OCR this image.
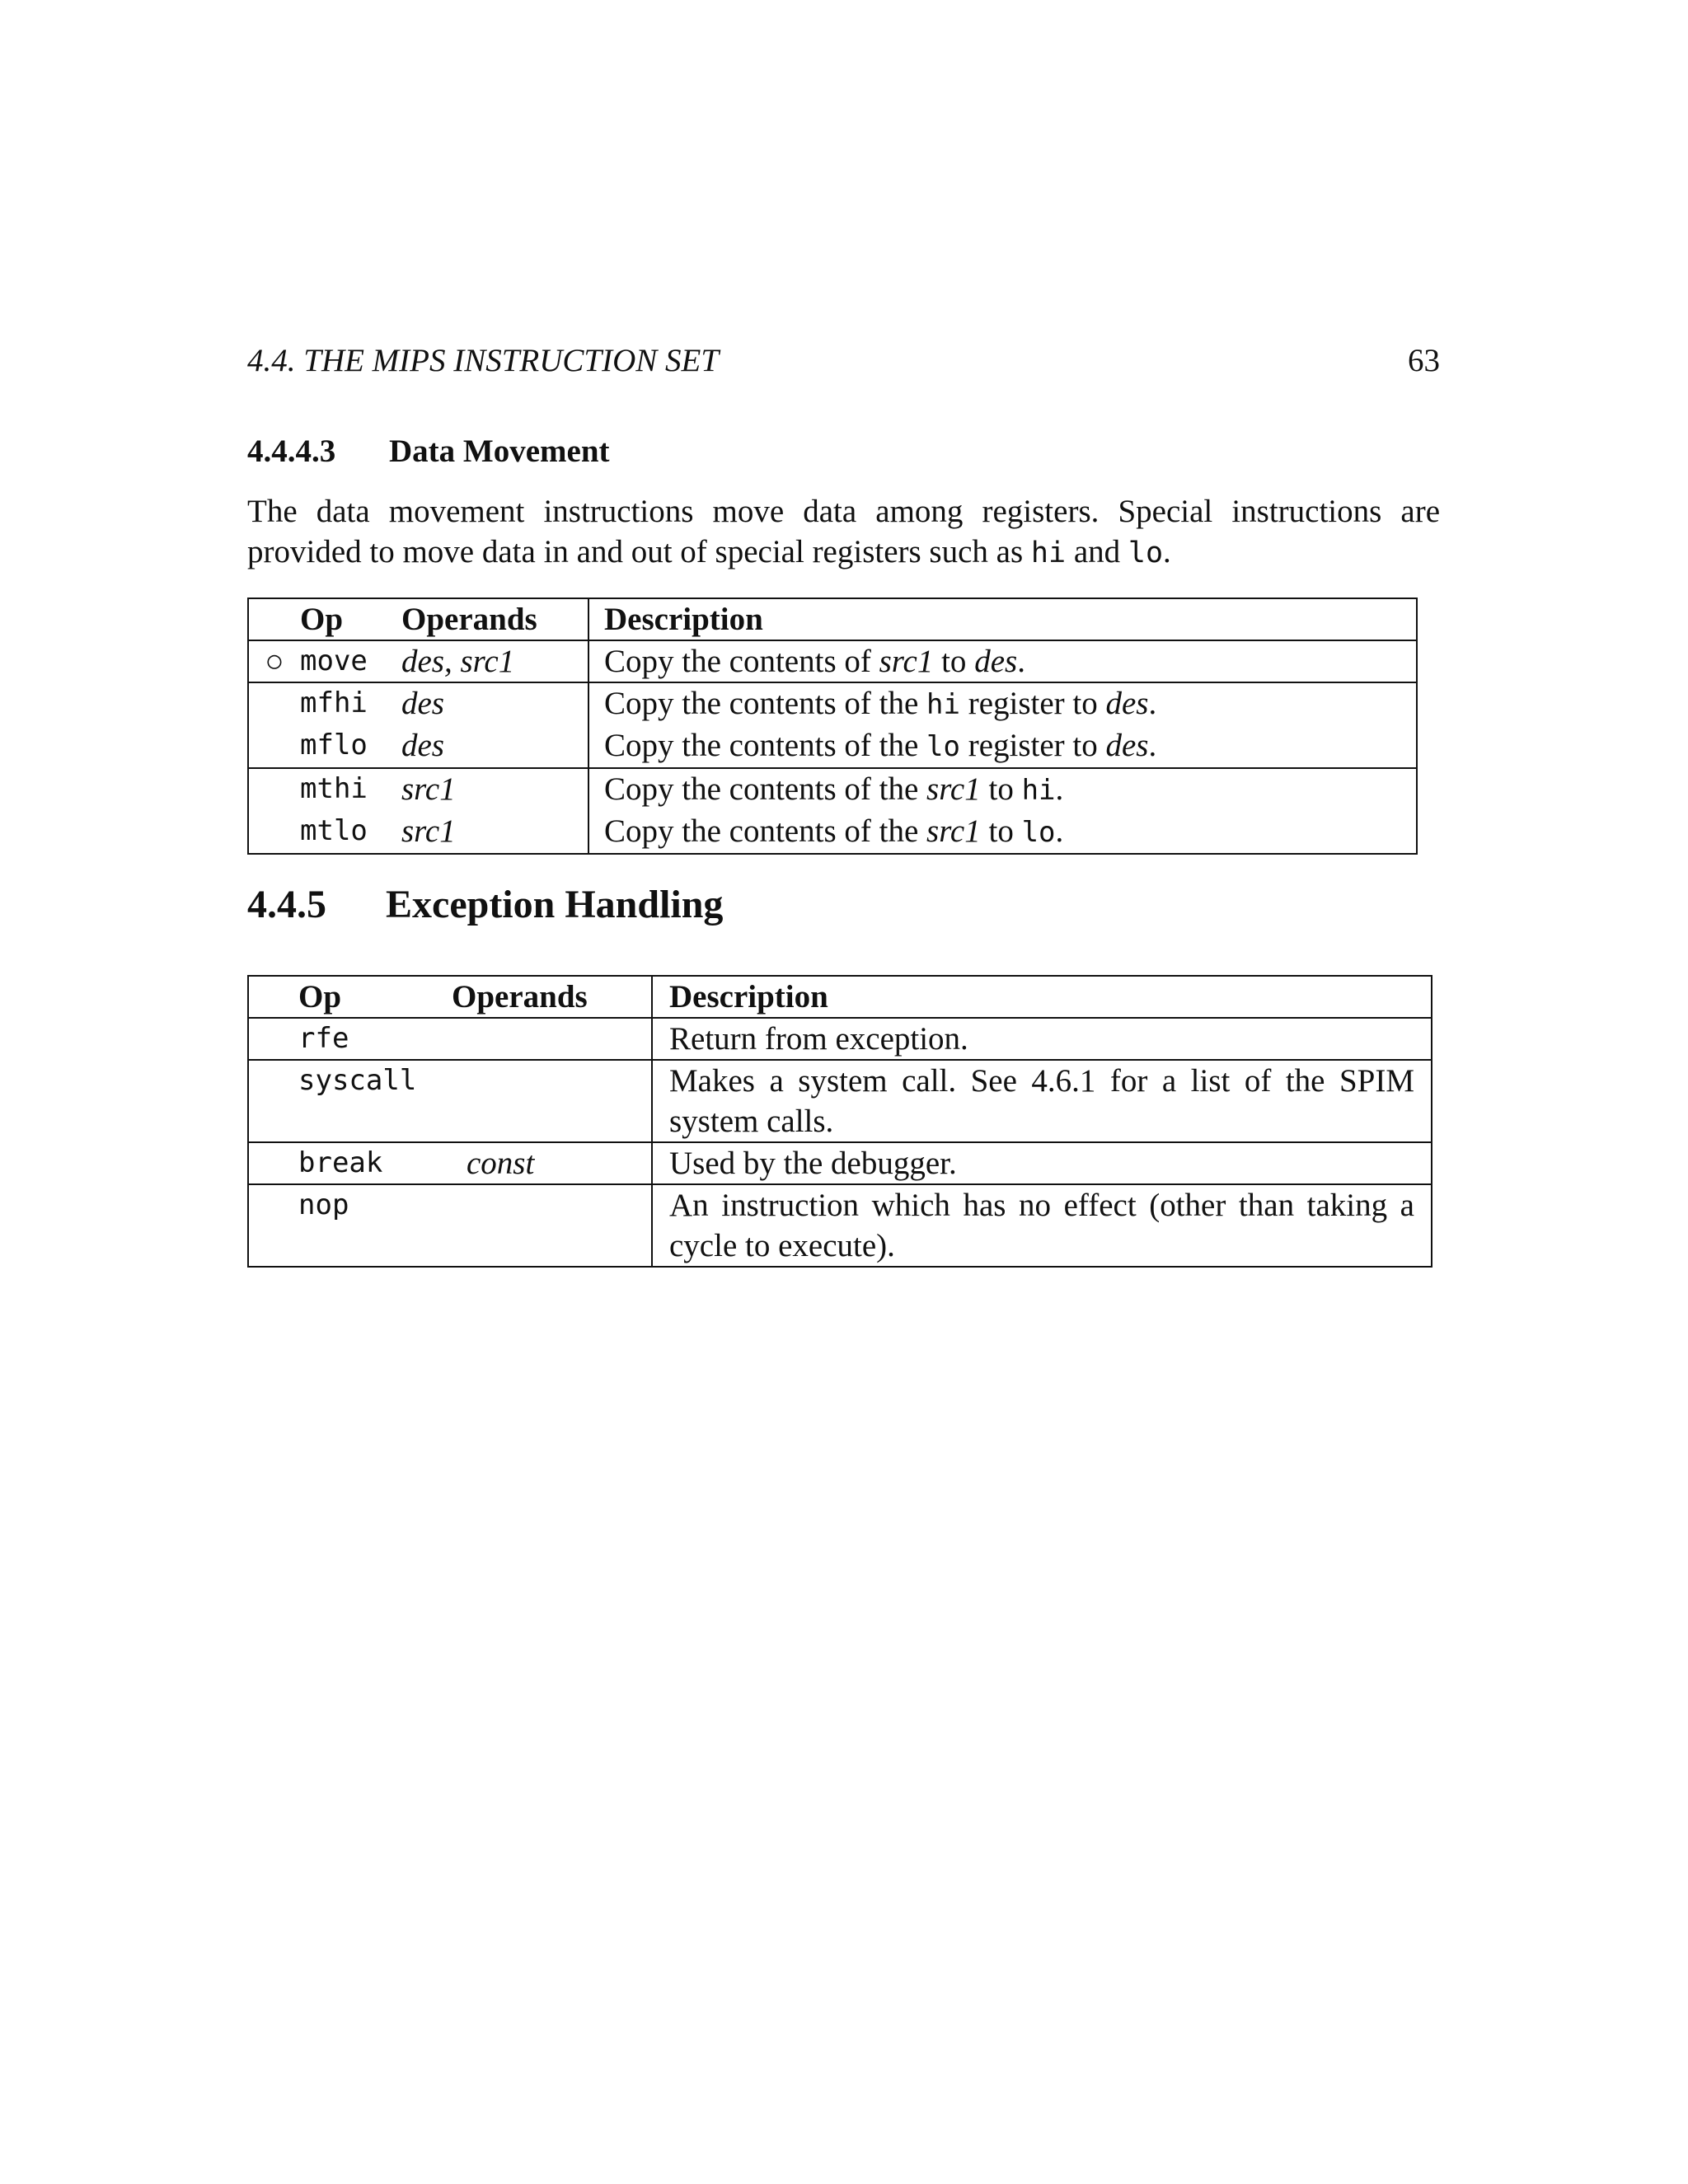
4.4. THE MIPS INSTRUCTION SET	63
4.4.4.3 Data Movement
The data movement instructions move data among registers. Special instructions are provided to move data in and out of special registers such as hi and lo.
	Op	Operands	Description
○	move	des, src1	Copy the contents of src1 to des.
	mfhi	des	Copy the contents of the hi register to des.
	mflo	des	Copy the contents of the lo register to des.
	mthi	src1	Copy the contents of the src1 to hi.
	mtlo	src1	Copy the contents of the src1 to lo.
4.4.5 Exception Handling
Op	Operands	Description
rfe		Return from exception.
syscall		Makes a system call. See 4.6.1 for a list of the SPIM system calls.
break	const	Used by the debugger.
nop		An instruction which has no effect (other than taking a cycle to execute).
